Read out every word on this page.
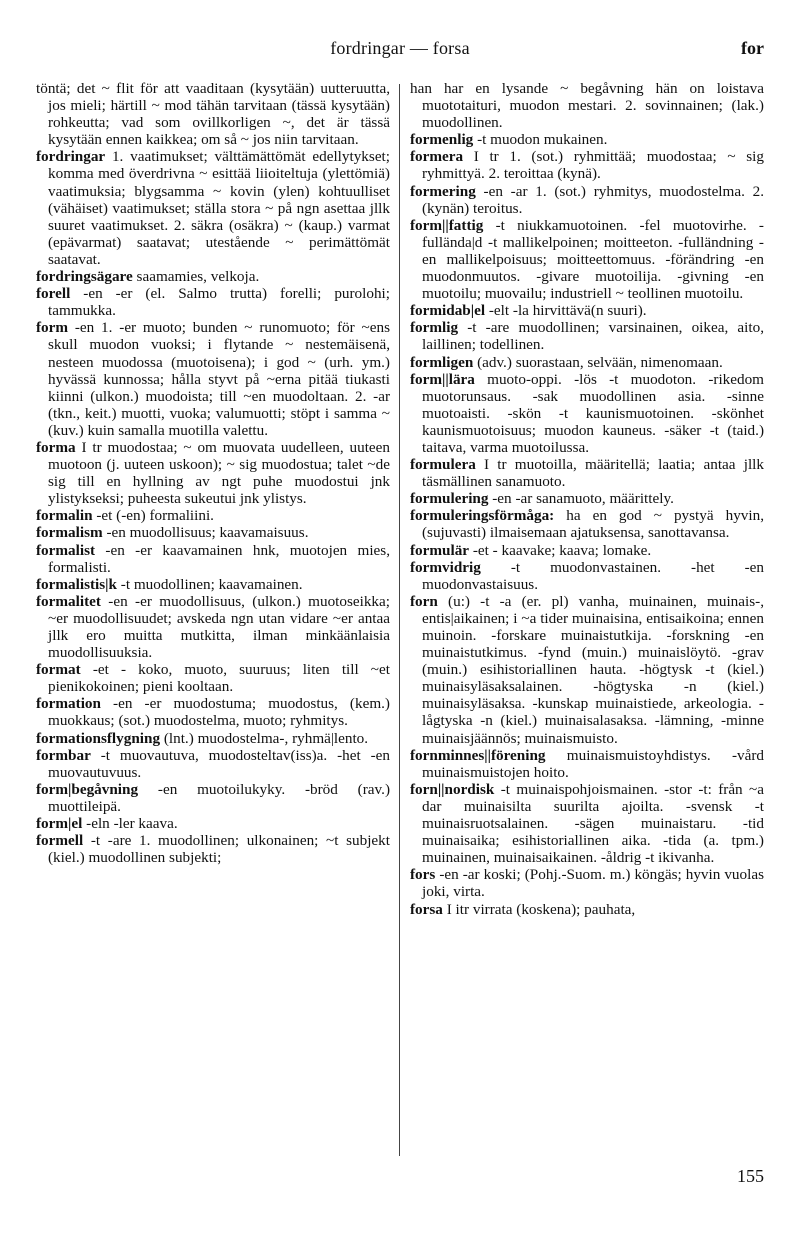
fordringar — forsa	for

töntä; det ~ flit för att vaaditaan (kysytään) uutteruutta, jos mieli; härtill ~ mod tähän tarvitaan (tässä kysytään) rohkeutta; vad som ovillkorligen ~, det är tässä kysytään ennen kaikkea; om så ~ jos niin tarvitaan.

fordringar 1. vaatimukset; välttämättömät edellytykset; komma med överdrivna ~ esittää liioiteltuja (ylettömiä) vaatimuksia; blygsamma ~ kovin (ylen) kohtuulliset (vähäiset) vaatimukset; ställa stora ~ på ngn asettaa jllk suuret vaatimukset. 2. säkra (osäkra) ~ (kaup.) varmat (epävarmat) saatavat; utestående ~ perimättömät saatavat.

fordringsägare saamamies, velkoja.

forell -en -er (el. Salmo trutta) forelli; purolohi; tammukka.

form -en 1. -er muoto; bunden ~ runomuoto; för ~ens skull muodon vuoksi; i flytande ~ nestemäisenä, nesteen muodossa (muotoisena); i god ~ (urh. ym.) hyvässä kunnossa; hålla styvt på ~erna pitää tiukasti kiinni (ulkon.) muodoista; till ~en muodoltaan. 2. -ar (tkn., keit.) muotti, vuoka; valumuotti; stöpt i samma ~ (kuv.) kuin samalla muotilla valettu.

forma I tr muodostaa; ~ om muovata uudelleen, uuteen muotoon (j. uuteen uskoon); ~ sig muodostua; talet ~de sig till en hyllning av ngt puhe muodostui jnk ylistykseksi; puheesta sukeutui jnk ylistys.

formalin -et (-en) formaliini.

formalism -en muodollisuus; kaavamaisuus.

formalist -en -er kaavamainen hnk, muotojen mies, formalisti.

formalistis|k -t muodollinen; kaavamainen.

formalitet -en -er muodollisuus, (ulkon.) muotoseikka; ~er muodollisuudet; avskeda ngn utan vidare ~er antaa jllk ero muitta mutkitta, ilman minkäänlaisia muodollisuuksia.

format -et - koko, muoto, suuruus; liten till ~et pienikokoinen; pieni kooltaan.

formation -en -er muodostuma; muodostus, (kem.) muokkaus; (sot.) muodostelma, muoto; ryhmitys.

formationsflygning (lnt.) muodostelma-, ryhmä|lento.

formbar -t muovautuva, muodosteltav(iss)a. -het -en muovautuvuus.

form|begåvning -en muotoilukyky. -bröd (rav.) muottileipä.

form|el -eln -ler kaava.

formell -t -are 1. muodollinen; ulkonainen; ~t subjekt (kiel.) muodollinen subjekti;

han har en lysande ~ begåvning hän on loistava muototaituri, muodon mestari. 2. sovinnainen; (lak.) muodollinen.

formenlig -t muodon mukainen.

formera I tr 1. (sot.) ryhmittää; muodostaa; ~ sig ryhmittyä. 2. teroittaa (kynä).

formering -en -ar 1. (sot.) ryhmitys, muodostelma. 2. (kynän) teroitus.

form||fattig -t niukkamuotoinen. -fel muotovirhe. -fullända|d -t mallikelpoinen; moitteeton. -fulländning -en mallikelpoisuus; moitteettomuus. -förändring -en muodonmuutos. -givare muotoilija. -givning -en muotoilu; muovailu; industriell ~ teollinen muotoilu.

formidab|el -elt -la hirvittävä(n suuri).

formlig -t -are muodollinen; varsinainen, oikea, aito, laillinen; todellinen.

formligen (adv.) suorastaan, selvään, nimenomaan.

form||lära muoto-oppi. -lös -t muodoton. -rikedom muotorunsaus. -sak muodollinen asia. -sinne muotoaisti. -skön -t kaunismuotoinen. -skönhet kaunismuotoisuus; muodon kauneus. -säker -t (taid.) taitava, varma muotoilussa.

formulera I tr muotoilla, määritellä; laatia; antaa jllk täsmällinen sanamuoto.

formulering -en -ar sanamuoto, määrittely.

formuleringsförmåga: ha en god ~ pystyä hyvin, (sujuvasti) ilmaisemaan ajatuksensa, sanottavansa.

formulär -et - kaavake; kaava; lomake.

formvidrig -t muodonvastainen. -het -en muodonvastaisuus.

forn (u:) -t -a (er. pl) vanha, muinainen, muinais-, entis|aikainen; i ~a tider muinaisina, entisaikoina; ennen muinoin. -forskare muinaistutkija. -forskning -en muinaistutkimus. -fynd (muin.) muinaislöytö. -grav (muin.) esihistoriallinen hauta. -högtysk -t (kiel.) muinaisyläsaksalainen. -högtyska -n (kiel.) muinaisyläsaksa. -kunskap muinaistiede, arkeologia. -lågtyska -n (kiel.) muinaisalasaksa. -lämning, -minne muinaisjäännös; muinaismuisto.

fornminnes||förening muinaismuistoyhdistys. -vård muinaismuistojen hoito.

forn||nordisk -t muinaispohjoismainen. -stor -t: från ~a dar muinaisilta suurilta ajoilta. -svensk -t muinaisruotsalainen. -sägen muinaistaru. -tid muinaisaika; esihistoriallinen aika. -tida (a. tpm.) muinainen, muinaisaikainen. -åldrig -t ikivanha.

fors -en -ar koski; (Pohj.-Suom. m.) köngäs; hyvin vuolas joki, virta.

forsa I itr virrata (koskena); pauhata,

155
